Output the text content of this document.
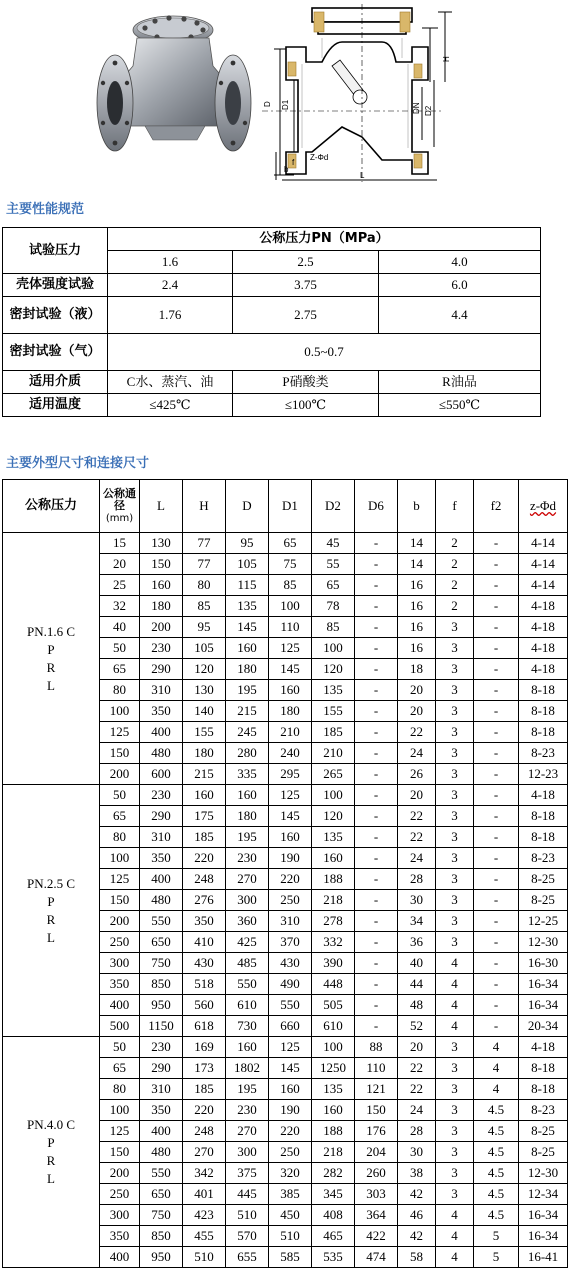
D D1
H
DN D2
L
b
f
Z-Φd
主要性能规范
试验压力	公称压力PN（MPa）		
	1.6	2.5	4.0
壳体强度试验	2.4	3.75	6.0
密封试验（液）	1.76	2.75	4.4
密封试验（气）	0.5~0.7		
适用介质	C水、蒸汽、油	P硝酸类	R油品
适用温度	≤425℃	≤100℃	≤550℃
主要外型尺寸和连接尺寸
公称压力	公称通径
(mm)	L	H	D	D1	D2	D6	b	f	f2	z-Φd
PN.1.6 C
P
R
L	15	130	77	95	65	45	-	14	2	-	4-14
	20	150	77	105	75	55	-	14	2	-	4-14
	25	160	80	115	85	65	-	16	2	-	4-14
	32	180	85	135	100	78	-	16	2	-	4-18
	40	200	95	145	110	85	-	16	3	-	4-18
	50	230	105	160	125	100	-	16	3	-	4-18
	65	290	120	180	145	120	-	18	3	-	4-18
	80	310	130	195	160	135	-	20	3	-	8-18
	100	350	140	215	180	155	-	20	3	-	8-18
	125	400	155	245	210	185	-	22	3	-	8-18
	150	480	180	280	240	210	-	24	3	-	8-23
	200	600	215	335	295	265	-	26	3	-	12-23
PN.2.5 C
P
R
L	50	230	160	160	125	100	-	20	3	-	4-18
	65	290	175	180	145	120	-	22	3	-	8-18
	80	310	185	195	160	135	-	22	3	-	8-18
	100	350	220	230	190	160	-	24	3	-	8-23
	125	400	248	270	220	188	-	28	3	-	8-25
	150	480	276	300	250	218	-	30	3	-	8-25
	200	550	350	360	310	278	-	34	3	-	12-25
	250	650	410	425	370	332	-	36	3	-	12-30
	300	750	430	485	430	390	-	40	4	-	16-30
	350	850	518	550	490	448	-	44	4	-	16-34
	400	950	560	610	550	505	-	48	4	-	16-34
	500	1150	618	730	660	610	-	52	4	-	20-34
PN.4.0 C
P
R
L	50	230	169	160	125	100	88	20	3	4	4-18
	65	290	173	1802	145	1250	110	22	3	4	8-18
	80	310	185	195	160	135	121	22	3	4	8-18
	100	350	220	230	190	160	150	24	3	4.5	8-23
	125	400	248	270	220	188	176	28	3	4.5	8-25
	150	480	270	300	250	218	204	30	3	4.5	8-25
	200	550	342	375	320	282	260	38	3	4.5	12-30
	250	650	401	445	385	345	303	42	3	4.5	12-34
	300	750	423	510	450	408	364	46	4	4.5	16-34
	350	850	455	570	510	465	422	42	4	5	16-34
	400	950	510	655	585	535	474	58	4	5	16-41
